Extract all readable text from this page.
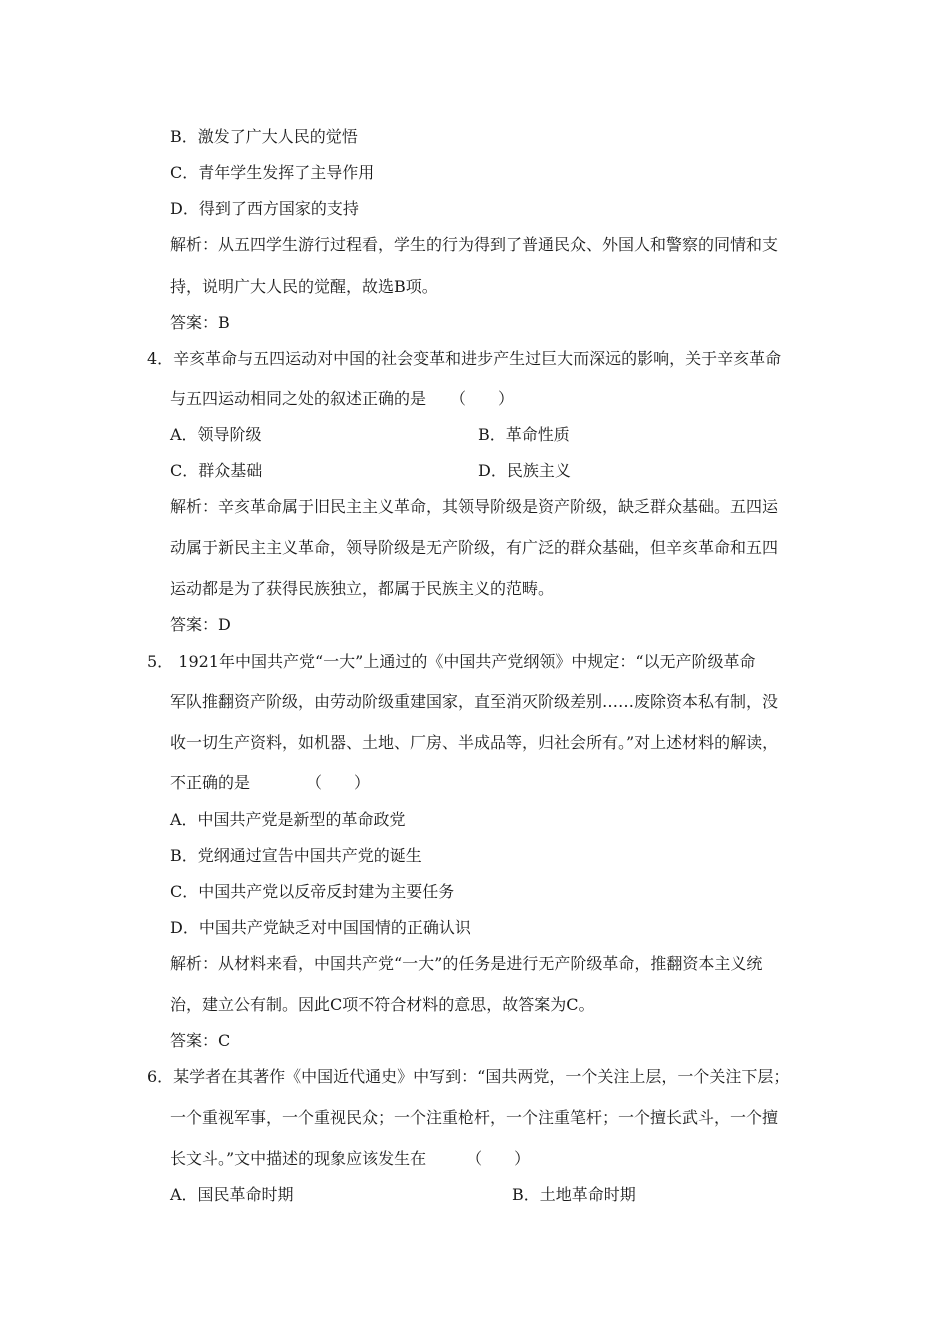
B．激发了广大人民的觉悟
C．青年学生发挥了主导作用
D．得到了西方国家的支持
解析：从五四学生游行过程看，学生的行为得到了普通民众、外国人和警察的同情和支
持，说明广大人民的觉醒，故选B项。
答案：B
4．辛亥革命与五四运动对中国的社会变革和进步产生过巨大而深远的影响，关于辛亥革命
与五四运动相同之处的叙述正确的是　　（　　）
A．领导阶级	B．革命性质
C．群众基础	D．民族主义
解析：辛亥革命属于旧民主主义革命，其领导阶级是资产阶级，缺乏群众基础。五四运
动属于新民主主义革命，领导阶级是无产阶级，有广泛的群众基础，但辛亥革命和五四
运动都是为了获得民族独立，都属于民族主义的范畴。
答案：D
5． 1921年中国共产党“一大”上通过的《中国共产党纲领》中规定：“以无产阶级革命
军队推翻资产阶级，由劳动阶级重建国家，直至消灭阶级差别……废除资本私有制，没
收一切生产资料，如机器、土地、厂房、半成品等，归社会所有。”对上述材料的解读，
不正确的是　　　　（　　）
A．中国共产党是新型的革命政党
B．党纲通过宣告中国共产党的诞生
C．中国共产党以反帝反封建为主要任务
D．中国共产党缺乏对中国国情的正确认识
解析：从材料来看，中国共产党“一大”的任务是进行无产阶级革命，推翻资本主义统
治，建立公有制。因此C项不符合材料的意思，故答案为C。
答案：C
6．某学者在其著作《中国近代通史》中写到：“国共两党，一个关注上层，一个关注下层；
一个重视军事，一个重视民众；一个注重枪杆，一个注重笔杆；一个擅长武斗，一个擅
长文斗。”文中描述的现象应该发生在　　　（　　）
A．国民革命时期	B．土地革命时期
